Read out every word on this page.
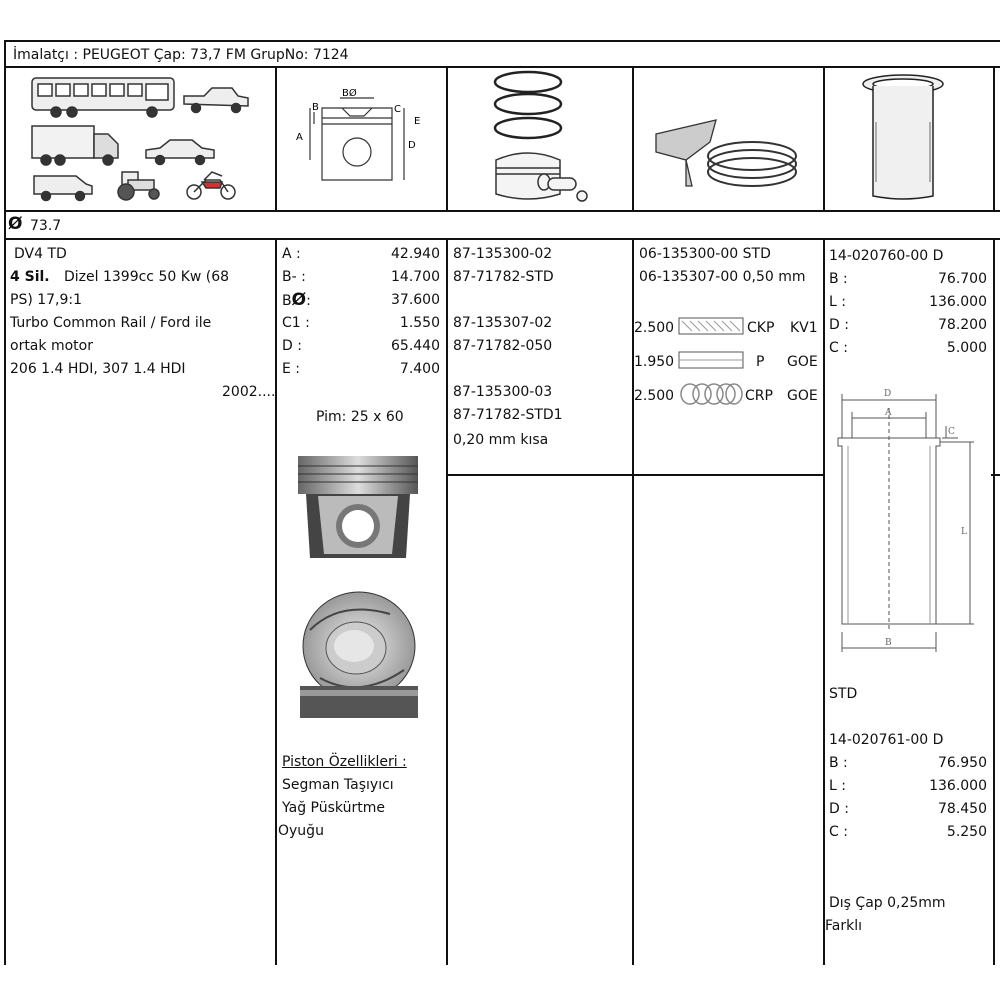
İmalatçı : PEUGEOT Çap: 73,7 FM GrupNo: 7124
BØ
A
B	C
E
D
Ø 73.7
DV4 TD
4 Sil. Dizel 1399cc 50 Kw (68
PS) 17,9:1
Turbo Common Rail / Ford ile
ortak motor
206 1.4 HDI, 307 1.4 HDI
2002....
A :	42.940
B- :	14.700
BØ:	37.600
C1 :	1.550
D :	65.440
E :	7.400
Pim: 25 x 60
Piston Özellikleri :
Segman Taşıyıcı
Yağ Püskürtme
Oyuğu
87-135300-02
87-71782-STD
87-135307-02
87-71782-050
87-135300-03
87-71782-STD1
0,20 mm kısa
06-135300-00 STD
06-135307-00 0,50 mm
2.500	CKP KV1
1.950	P GOE
2.500	CRP GOE
14-020760-00 D
B :	76.700
L :	136.000
D :	78.200
C :	5.000
D
A
C
L
B
STD
14-020761-00 D
B :	76.950
L :	136.000
D :	78.450
C :	5.250
Dış Çap 0,25mm
Farklı
